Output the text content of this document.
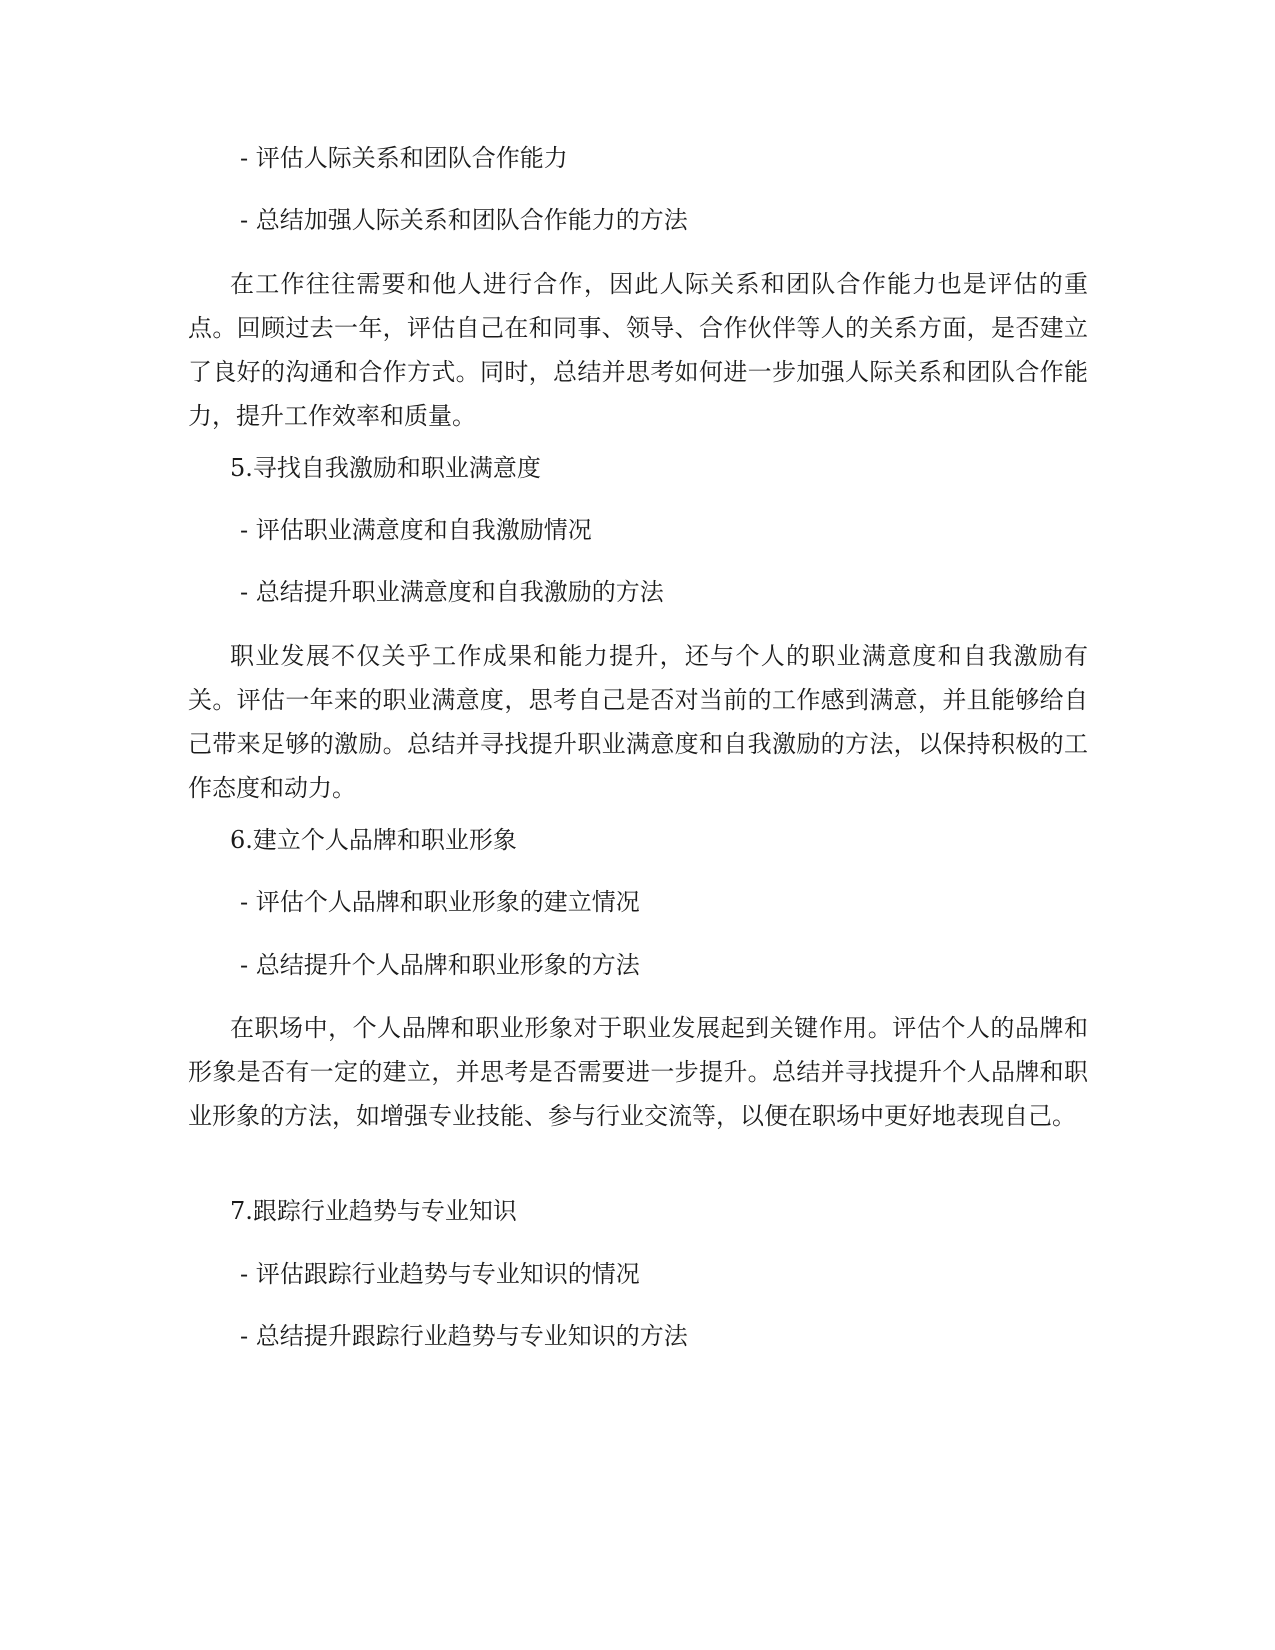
- 评估人际关系和团队合作能力
- 总结加强人际关系和团队合作能力的方法
在工作往往需要和他人进行合作，因此人际关系和团队合作能力也是评估的重点。回顾过去一年，评估自己在和同事、领导、合作伙伴等人的关系方面，是否建立了良好的沟通和合作方式。同时，总结并思考如何进一步加强人际关系和团队合作能力，提升工作效率和质量。
5.寻找自我激励和职业满意度
- 评估职业满意度和自我激励情况
- 总结提升职业满意度和自我激励的方法
职业发展不仅关乎工作成果和能力提升，还与个人的职业满意度和自我激励有关。评估一年来的职业满意度，思考自己是否对当前的工作感到满意，并且能够给自己带来足够的激励。总结并寻找提升职业满意度和自我激励的方法，以保持积极的工作态度和动力。
6.建立个人品牌和职业形象
- 评估个人品牌和职业形象的建立情况
- 总结提升个人品牌和职业形象的方法
在职场中，个人品牌和职业形象对于职业发展起到关键作用。评估个人的品牌和形象是否有一定的建立，并思考是否需要进一步提升。总结并寻找提升个人品牌和职业形象的方法，如增强专业技能、参与行业交流等，以便在职场中更好地表现自己。
7.跟踪行业趋势与专业知识
- 评估跟踪行业趋势与专业知识的情况
- 总结提升跟踪行业趋势与专业知识的方法
